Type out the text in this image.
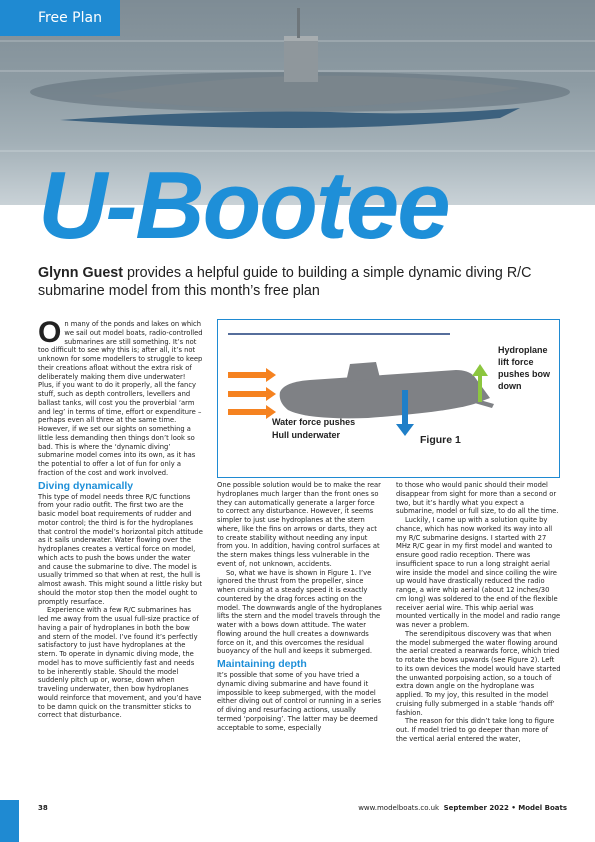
Free Plan
U-Bootee
Glynn Guest provides a helpful guide to building a simple dynamic diving R/C submarine model from this month’s free plan

On many of the ponds and lakes on which we sail out model boats, radio-controlled submarines are still something. It’s not too difficult to see why this is; after all, it’s not unknown for some modellers to struggle to keep their creations afloat without the extra risk of deliberately making them dive underwater! Plus, if you want to do it properly, all the fancy stuff, such as depth controllers, levellers and ballast tanks, will cost you the proverbial ‘arm and leg’ in terms of time, effort or expenditure – perhaps even all three at the same time. However, if we set our sights on something a little less demanding then things don’t look so bad. This is where the ‘dynamic diving’ submarine model comes into its own, as it has the potential to offer a lot of fun for only a fraction of the cost and work involved.

Diving dynamically

This type of model needs three R/C functions from your radio outfit. The first two are the basic model boat requirements of rudder and motor control; the third is for the hydroplanes that control the model’s horizontal pitch attitude as it sails underwater. Water flowing over the hydroplanes creates a vertical force on model, which acts to push the bows under the water and cause the submarine to dive. The model is usually trimmed so that when at rest, the hull is almost awash. This might sound a little risky but should the motor stop then the model ought to promptly resurface.

Experience with a few R/C submarines has led me away from the usual full-size practice of having a pair of hydroplanes in both the bow and stern of the model. I’ve found it’s perfectly satisfactory to just have hydroplanes at the stern. To operate in dynamic diving mode, the model has to move sufficiently fast and needs to be inherently stable. Should the model suddenly pitch up or, worse, down when traveling underwater, then bow hydroplanes would reinforce that movement, and you’d have to be damn quick on the transmitter sticks to correct that disturbance.

Hydroplane
lift force
pushes bow
down
Water force pushes
Hull underwater	Figure 1

One possible solution would be to make the rear hydroplanes much larger than the front ones so they can automatically generate a larger force to correct any disturbance. However, it seems simpler to just use hydroplanes at the stern where, like the fins on arrows or darts, they act to create stability without needing any input from you. In addition, having control surfaces at the stern makes things less vulnerable in the event of, not unknown, accidents.

So, what we have is shown in Figure 1. I’ve ignored the thrust from the propeller, since when cruising at a steady speed it is exactly countered by the drag forces acting on the model. The downwards angle of the hydroplanes lifts the stern and the model travels through the water with a bows down attitude. The water flowing around the hull creates a downwards force on it, and this overcomes the residual buoyancy of the hull and keeps it submerged.

Maintaining depth

It’s possible that some of you have tried a dynamic diving submarine and have found it impossible to keep submerged, with the model either diving out of control or running in a series of diving and resurfacing actions, usually termed ‘porpoising’. The latter may be deemed acceptable to some, especially

to those who would panic should their model disappear from sight for more than a second or two, but it’s hardly what you expect a submarine, model or full size, to do all the time.

Luckily, I came up with a solution quite by chance, which has now worked its way into all my R/C submarine designs. I started with 27 MHz R/C gear in my first model and wanted to ensure good radio reception. There was insufficient space to run a long straight aerial wire inside the model and since coiling the wire up would have drastically reduced the radio range, a wire whip aerial (about 12 inches/30 cm long) was soldered to the end of the flexible receiver aerial wire. This whip aerial was mounted vertically in the model and radio range was never a problem.

The serendipitous discovery was that when the model submerged the water flowing around the aerial created a rearwards force, which tried to rotate the bows upwards (see Figure 2). Left to its own devices the model would have started the unwanted porpoising action, so a touch of extra down angle on the hydroplane was applied. To my joy, this resulted in the model cruising fully submerged in a stable ‘hands off’ fashion.

The reason for this didn’t take long to figure out. If model tried to go deeper than more of the vertical aerial entered the water,

38	www.modelboats.co.uk September 2022 • Model Boats
